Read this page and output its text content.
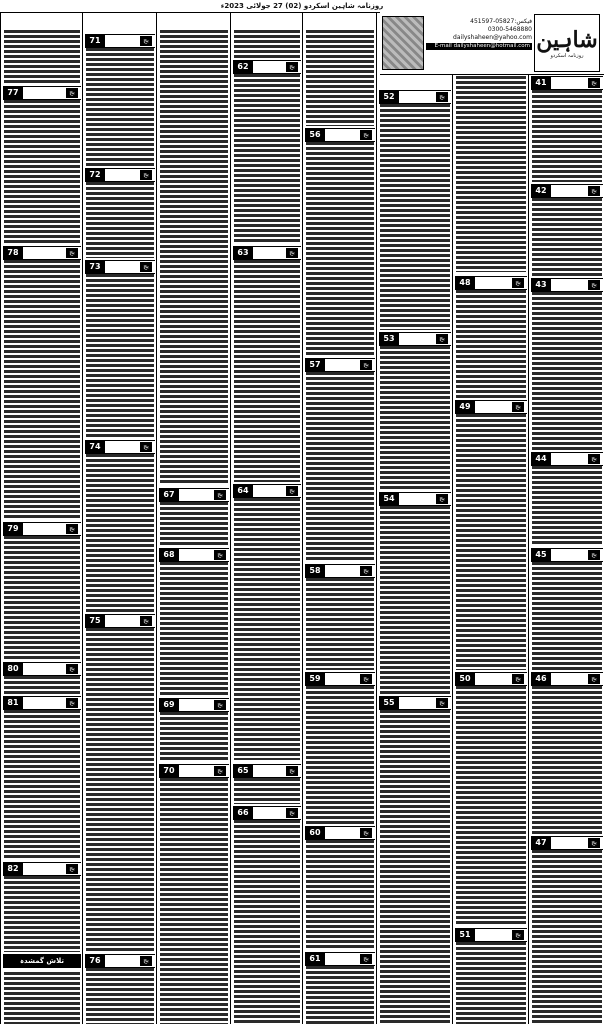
روزنامہ شاہین اسکردو (02) 27 جولائی 2023ء
41	بج
42	بج
43	بج
44	بج
45	بج
46	بج
47	بج
48	بج
49	بج
50	بج
51	بج
52	بج
53	بج
54	بج
55	بج
56	بج
57	بج
58	بج
59	بج
60	بج
61	بج
62	بج
63	بج
64	بج
65	بج
66	بج
67	بج
68	بج
69	بج
70	بج
71	بج
72	بج
73	بج
74	بج
75	بج
76	بج
77	بج
78	بج
79	بج
80	بج
81	بج
82	بج
تلاش گمشدہ
فیکس:05827-451597
0300-5468880
dailyshaheen@yahoo.com
E-mail dailyshaheen@hotmail.com شاہین
روزنامہ اسکردو
